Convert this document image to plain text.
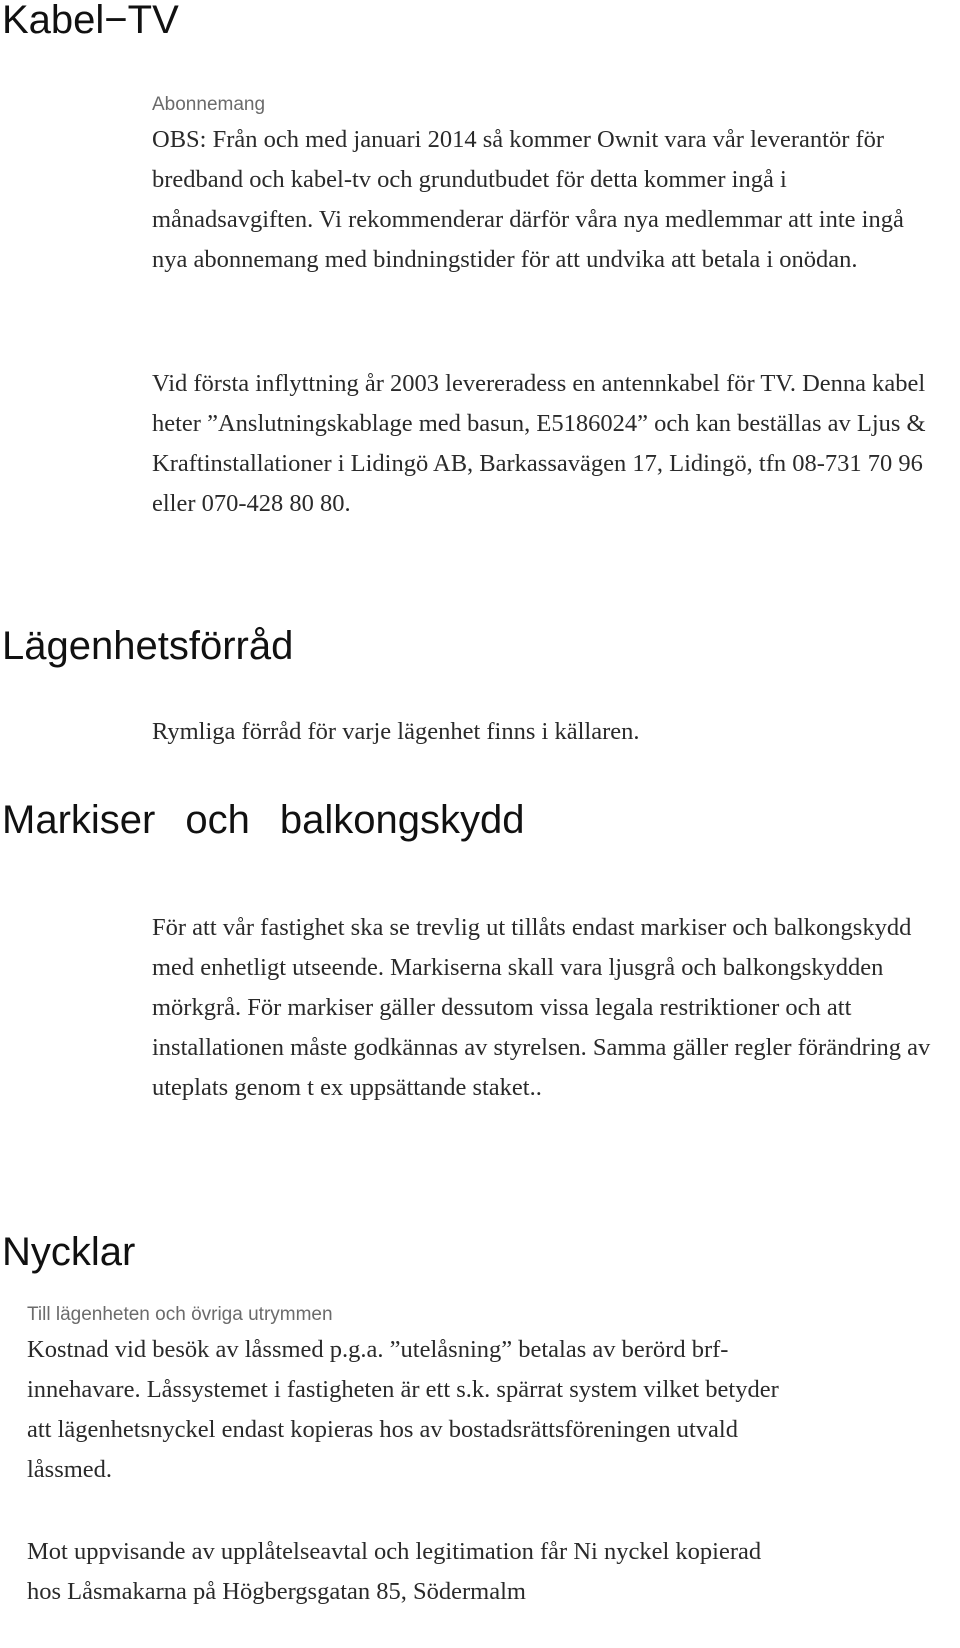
Kabel−TV
Abonnemang

OBS: Från och med januari 2014 så kommer Ownit vara vår leverantör för bredband och kabel-tv och grundutbudet för detta kommer ingå i månadsavgiften. Vi rekommenderar därför våra nya medlemmar att inte ingå nya abonnemang med bindningstider för att undvika att betala i onödan.

Vid första inflyttning år 2003 levereradess en antennkabel för TV. Denna kabel heter ”Anslutningskablage med basun, E5186024” och kan beställas av Ljus & Kraftinstallationer i Lidingö AB, Barkassavägen 17, Lidingö, tfn 08-731 70 96 eller 070-428 80 80.

Lägenhetsförråd

Rymliga förråd för varje lägenhet finns i källaren.

Markiser och balkongskydd

För att vår fastighet ska se trevlig ut tillåts endast markiser och balkongskydd med enhetligt utseende. Markiserna skall vara ljusgrå och balkongskydden mörkgrå. För markiser gäller dessutom vissa legala restriktioner och att installationen måste godkännas av styrelsen. Samma gäller regler förändring av uteplats genom t ex uppsättande staket..

Nycklar
Till lägenheten och övriga utrymmen

Kostnad vid besök av låssmed p.g.a. ”utelåsning” betalas av berörd brf-innehavare. Låssystemet i fastigheten är ett s.k. spärrat system vilket betyder att lägenhetsnyckel endast kopieras hos av bostadsrättsföreningen utvald låssmed.

Mot uppvisande av upplåtelseavtal och legitimation får Ni nyckel kopierad hos Låsmakarna på Högbergsgatan 85, Södermalm
